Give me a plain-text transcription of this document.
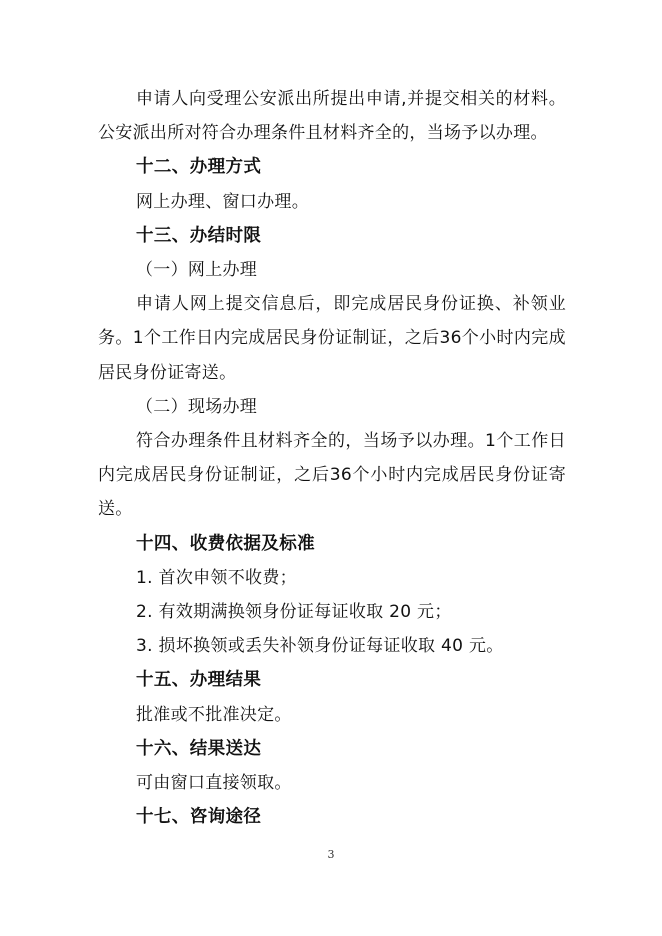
申请人向受理公安派出所提出申请,并提交相关的材料。公安派出所对符合办理条件且材料齐全的，当场予以办理。

十二、办理方式

网上办理、窗口办理。

十三、办结时限

（一）网上办理

申请人网上提交信息后，即完成居民身份证换、补领业务。1个工作日内完成居民身份证制证，之后36个小时内完成居民身份证寄送。

（二）现场办理

符合办理条件且材料齐全的，当场予以办理。1个工作日内完成居民身份证制证，之后36个小时内完成居民身份证寄送。

十四、收费依据及标准

1. 首次申领不收费；

2. 有效期满换领身份证每证收取 20 元；

3. 损坏换领或丢失补领身份证每证收取 40 元。

十五、办理结果

批准或不批准决定。

十六、结果送达

可由窗口直接领取。

十七、咨询途径

3
